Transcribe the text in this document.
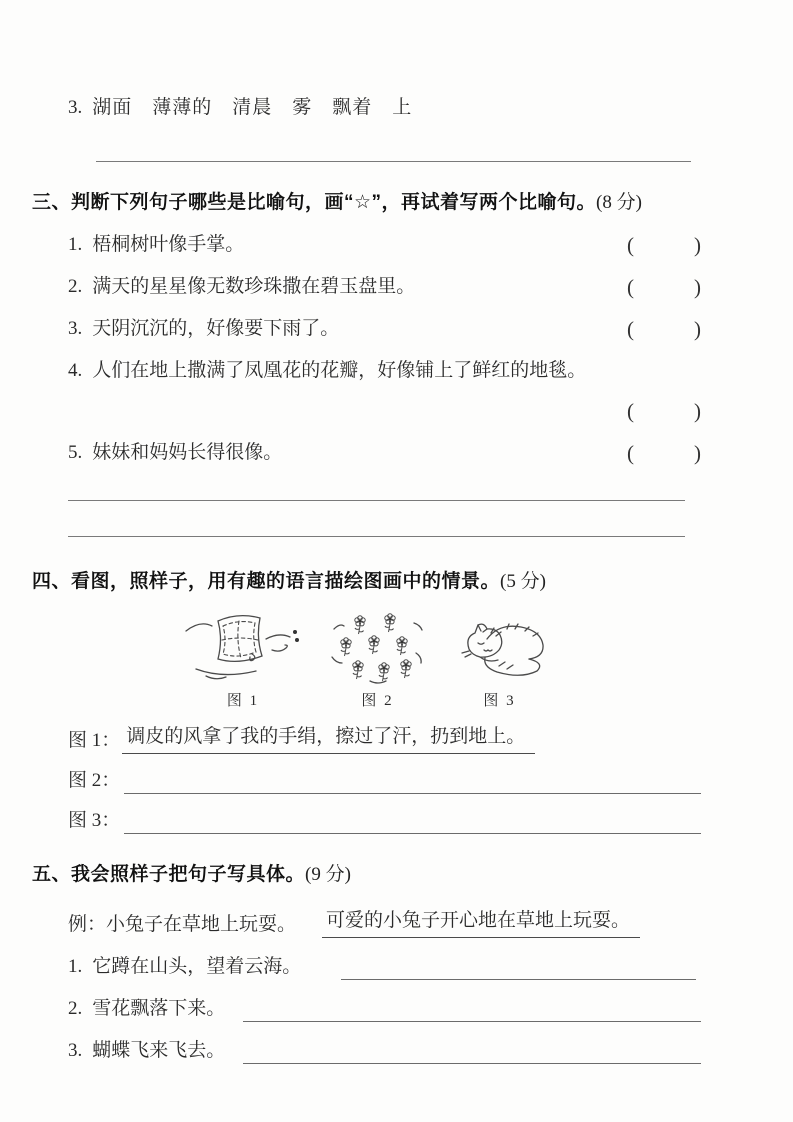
3. 湖面　薄薄的　清晨　雾　飘着　上
三、判断下列句子哪些是比喻句，画“☆”，再试着写两个比喻句。(8 分)
1. 梧桐树叶像手掌。	(	)
2. 满天的星星像无数珍珠撒在碧玉盘里。	(	)
3. 天阴沉沉的，好像要下雨了。	(	)
4. 人们在地上撒满了凤凰花的花瓣，好像铺上了鲜红的地毯。
(	)
5. 妹妹和妈妈长得很像。	(	)
四、看图，照样子，用有趣的语言描绘图画中的情景。(5 分)
图 1	图 2	图 3
图 1： 调皮的风拿了我的手绢，擦过了汗，扔到地上。
图 2：
图 3：
五、我会照样子把句子写具体。(9 分)
例： 小兔子在草地上玩耍。 可爱的小兔子开心地在草地上玩耍。
1. 它蹲在山头，望着云海。
2. 雪花飘落下来。
3. 蝴蝶飞来飞去。
